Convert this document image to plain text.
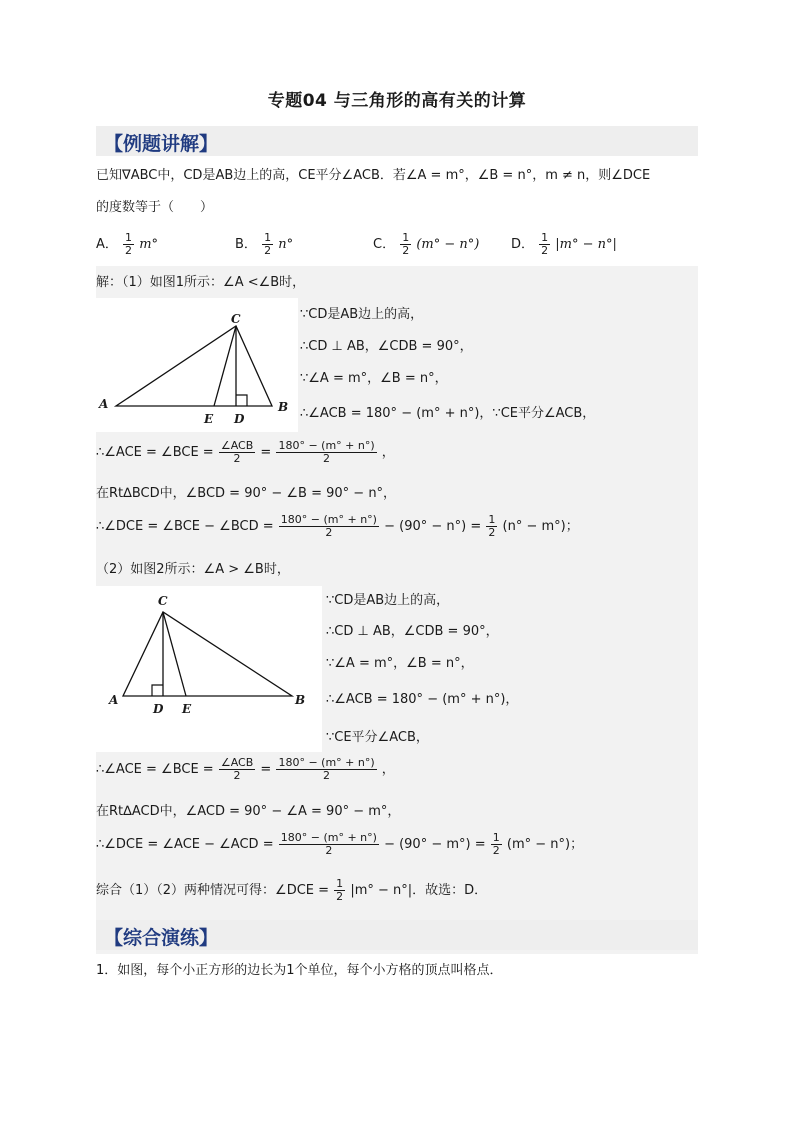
专题04 与三角形的高有关的计算
【例题讲解】
已知∇ABC中，CD是AB边上的高，CE平分∠ACB．若∠A = m°，∠B = n°，m ≠ n，则∠DCE
的度数等于（　　）
A． $\frac{1}{2} m^\circ$	B． $\frac{1}{2} n^\circ$	C． $\frac{1}{2} (m^\circ - n^\circ)$ D． $\frac{1}{2} |m^\circ - n^\circ|$
解：（1）如图1所示：∠A <∠B时，
C
A	B
E D
∵CD是AB边上的高，
∴CD ⊥ AB，∠CDB = 90°，
∵∠A = m°，∠B = n°，
∴∠ACB = 180° − (m° + n°)，∵CE平分∠ACB，
∴∠ACE = ∠BCE = $\frac{\text{∠ACB}}{2} = \frac{180^\circ - (m^\circ + n^\circ)}{2}$ ，
在Rt∆BCD中，∠BCD = 90° − ∠B = 90° − n°，
∴∠DCE = ∠BCE − ∠BCD = $\frac{180^\circ - (m^\circ + n^\circ)}{2} - (90^\circ - n^\circ) = \frac{1}{2} (n^\circ - m^\circ)$；
（2）如图2所示：∠A > ∠B时，
C
A	B
D E
∵CD是AB边上的高，
∴CD ⊥ AB，∠CDB = 90°，
∵∠A = m°，∠B = n°，
∴∠ACB = 180° − (m° + n°)，
∵CE平分∠ACB，
∴∠ACE = ∠BCE = $\frac{\text{∠ACB}}{2} = \frac{180^\circ - (m^\circ + n^\circ)}{2}$ ，
在Rt∆ACD中，∠ACD = 90° − ∠A = 90° − m°，
∴∠DCE = ∠ACE − ∠ACD = $\frac{180^\circ - (m^\circ + n^\circ)}{2} - (90^\circ - m^\circ) = \frac{1}{2} (m^\circ - n^\circ)$；
综合（1）（2）两种情况可得：∠DCE = $\frac{1}{2} |m^\circ - n^\circ|$．故选：D．
【综合演练】
1．如图，每个小正方形的边长为1个单位，每个小方格的顶点叫格点．
